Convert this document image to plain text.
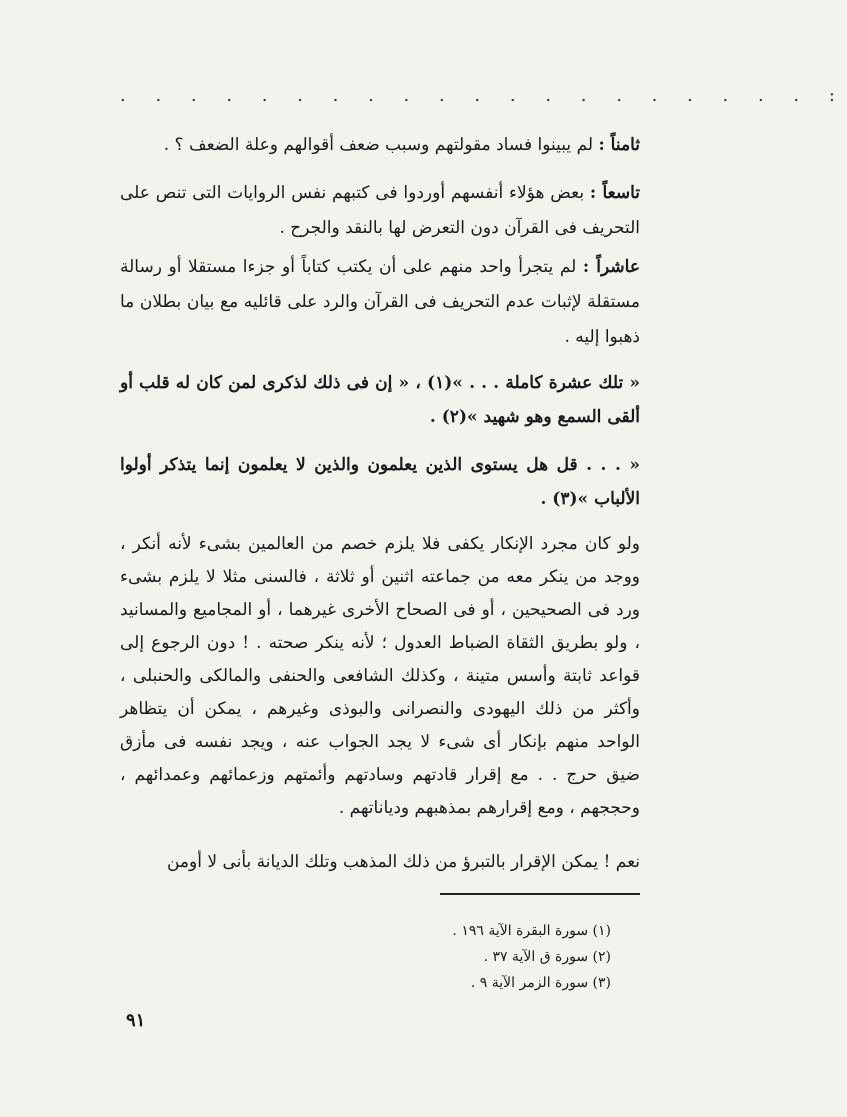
. . . . . . . . . . . . . . . . . . . . :
ثامناً : لم يبينوا فساد مقولتهم وسبب ضعف أقوالهم وعلة الضعف ؟ .
تاسعاً : بعض هؤلاء أنفسهم أوردوا فى كتبهم نفس الروايات التى تنص على التحريف فى القرآن دون التعرض لها بالنقد والجرح .
عاشراً : لم يتجرأ واحد منهم على أن يكتب كتاباً أو جزءا مستقلا أو رسالة مستقلة لإثبات عدم التحريف فى القرآن والرد على قائليه مع بيان بطلان ما ذهبوا إليه .
« تلك عشرة كاملة . . . »(١) ، « إن فى ذلك لذكرى لمن كان له قلب أو ألقى السمع وهو شهيد »(٢) .
« . . . قل هل يستوى الذين يعلمون والذين لا يعلمون إنما يتذكر أولوا الألباب »(٣) .
ولو كان مجرد الإنكار يكفى فلا يلزم خصم من العالمين بشىء لأنه أنكر ، ووجد من ينكر معه من جماعته اثنين أو ثلاثة ، فالسنى مثلا لا يلزم بشىء ورد فى الصحيحين ، أو فى الصحاح الأخرى غيرهما ، أو المجاميع والمسانيد ، ولو بطريق الثقاة الضباط العدول ؛ لأنه ينكر صحته . ! دون الرجوع إلى قواعد ثابتة وأسس متينة ، وكذلك الشافعى والحنفى والمالكى والحنبلى ، وأكثر من ذلك اليهودى والنصرانى والبوذى وغيرهم ، يمكن أن يتظاهر الواحد منهم بإنكار أى شىء لا يجد الجواب عنه ، ويجد نفسه فى مأزق ضيق حرج . . مع إقرار قادتهم وسادتهم وأئمتهم وزعمائهم وعمدائهم ، وحججهم ، ومع إقرارهم بمذهبهم ودياناتهم .
نعم ! يمكن الإقرار بالتبرؤ من ذلك المذهب وتلك الديانة بأنى لا أومن
(١) سورة البقرة الآية ١٩٦ .
(٢) سورة ق الآية ٣٧ .
(٣) سورة الزمر الآية ٩ .
٩١
